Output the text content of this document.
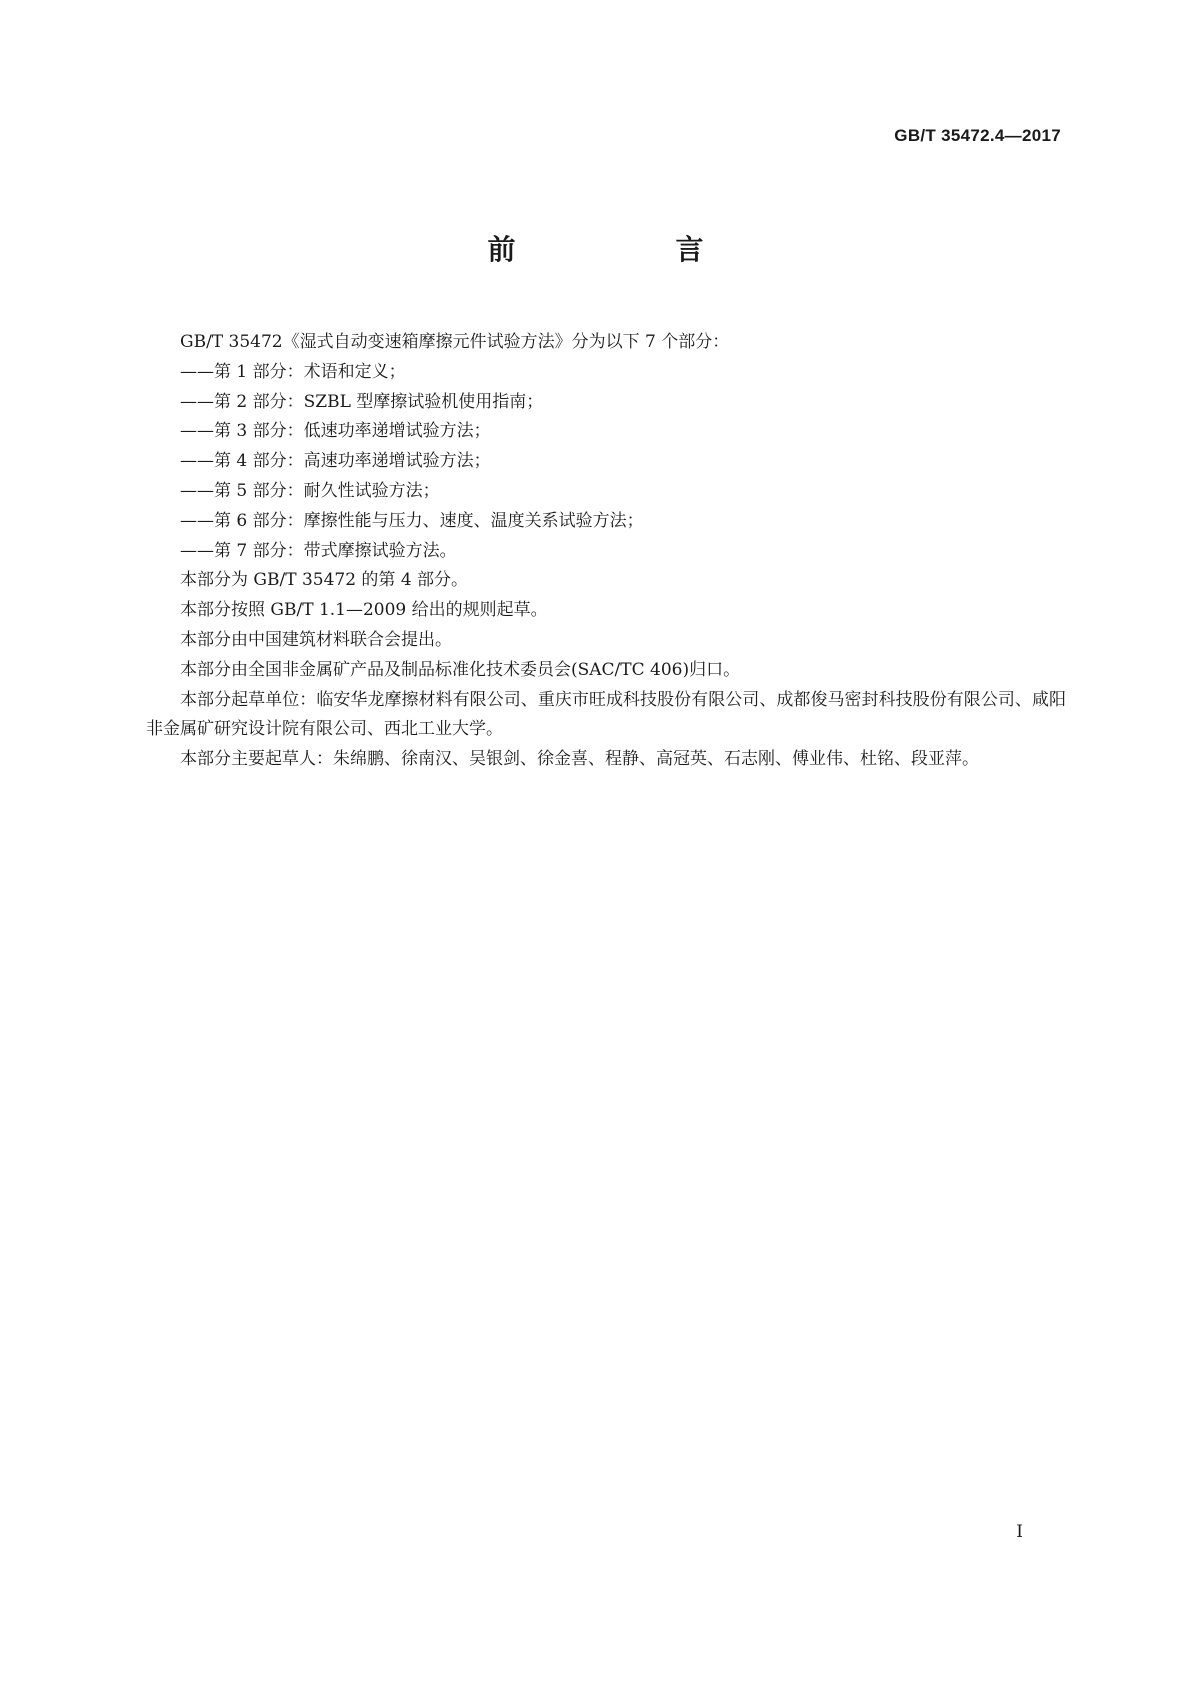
GB/T 35472.4—2017
前　言

GB/T 35472《湿式自动变速箱摩擦元件试验方法》分为以下 7 个部分：

——第 1 部分：术语和定义；

——第 2 部分：SZBL 型摩擦试验机使用指南；

——第 3 部分：低速功率递增试验方法；

——第 4 部分：高速功率递增试验方法；

——第 5 部分：耐久性试验方法；

——第 6 部分：摩擦性能与压力、速度、温度关系试验方法；

——第 7 部分：带式摩擦试验方法。

本部分为 GB/T 35472 的第 4 部分。

本部分按照 GB/T 1.1—2009 给出的规则起草。

本部分由中国建筑材料联合会提出。

本部分由全国非金属矿产品及制品标准化技术委员会(SAC/TC 406)归口。

本部分起草单位：临安华龙摩擦材料有限公司、重庆市旺成科技股份有限公司、成都俊马密封科技股份有限公司、咸阳非金属矿研究设计院有限公司、西北工业大学。

本部分主要起草人：朱绵鹏、徐南汉、吴银剑、徐金喜、程静、高冠英、石志刚、傅业伟、杜铭、段亚萍。

I
